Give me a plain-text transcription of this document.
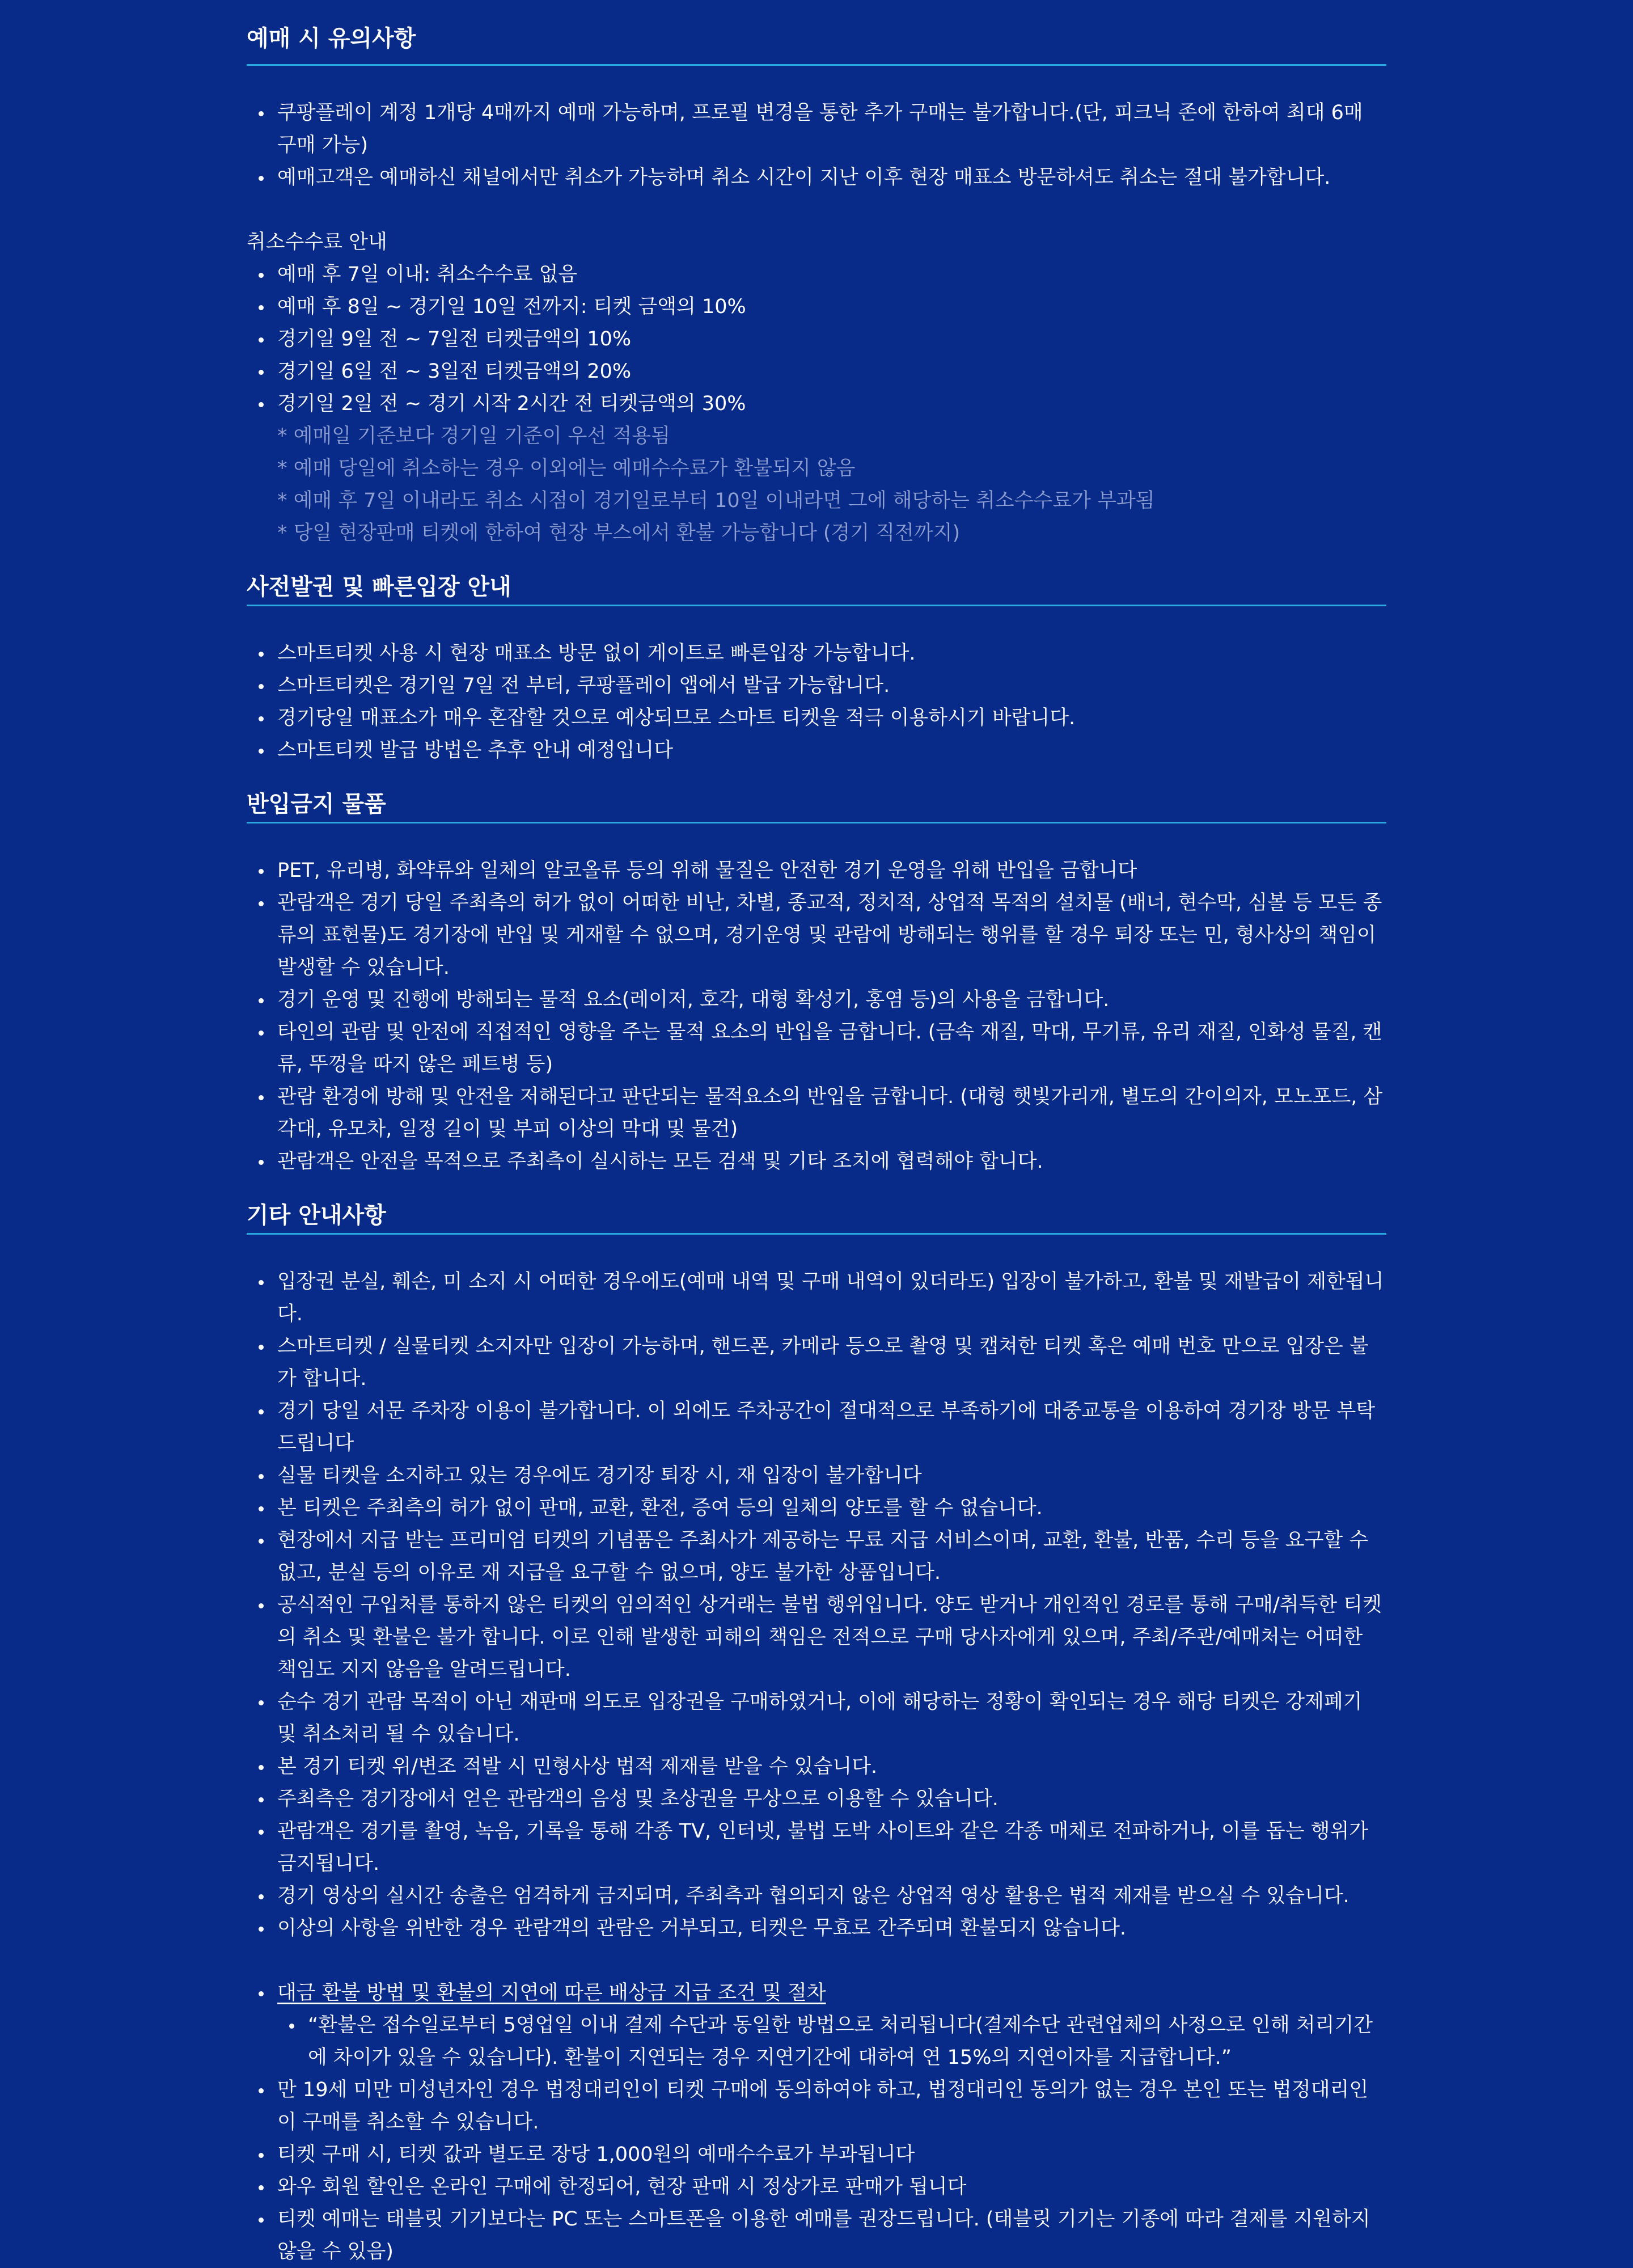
예매 시 유의사항
쿠팡플레이 계정 1개당 4매까지 예매 가능하며, 프로필 변경을 통한 추가 구매는 불가합니다.(단, 피크닉 존에 한하여 최대 6매 구매 가능)
예매고객은 예매하신 채널에서만 취소가 가능하며 취소 시간이 지난 이후 현장 매표소 방문하셔도 취소는 절대 불가합니다.
취소수수료 안내
예매 후 7일 이내: 취소수수료 없음
예매 후 8일 ~ 경기일 10일 전까지: 티켓 금액의 10%
경기일 9일 전 ~ 7일전 티켓금액의 10%
경기일 6일 전 ~ 3일전 티켓금액의 20%
경기일 2일 전 ~ 경기 시작 2시간 전 티켓금액의 30%
* 예매일 기준보다 경기일 기준이 우선 적용됨
* 예매 당일에 취소하는 경우 이외에는 예매수수료가 환불되지 않음
* 예매 후 7일 이내라도 취소 시점이 경기일로부터 10일 이내라면 그에 해당하는 취소수수료가 부과됨
* 당일 현장판매 티켓에 한하여 현장 부스에서 환불 가능합니다 (경기 직전까지)
사전발권 및 빠른입장 안내
스마트티켓 사용 시 현장 매표소 방문 없이 게이트로 빠른입장 가능합니다.
스마트티켓은 경기일 7일 전 부터, 쿠팡플레이 앱에서 발급 가능합니다.
경기당일 매표소가 매우 혼잡할 것으로 예상되므로 스마트 티켓을 적극 이용하시기 바랍니다.
스마트티켓 발급 방법은 추후 안내 예정입니다
반입금지 물품
PET, 유리병, 화약류와 일체의 알코올류 등의 위해 물질은 안전한 경기 운영을 위해 반입을 금합니다
관람객은 경기 당일 주최측의 허가 없이 어떠한 비난, 차별, 종교적, 정치적, 상업적 목적의 설치물 (배너, 현수막, 심볼 등 모든 종류의 표현물)도 경기장에 반입 및 게재할 수 없으며, 경기운영 및 관람에 방해되는 행위를 할 경우 퇴장 또는 민, 형사상의 책임이 발생할 수 있습니다.
경기 운영 및 진행에 방해되는 물적 요소(레이저, 호각, 대형 확성기, 홍염 등)의 사용을 금합니다.
타인의 관람 및 안전에 직접적인 영향을 주는 물적 요소의 반입을 금합니다. (금속 재질, 막대, 무기류, 유리 재질, 인화성 물질, 캔류, 뚜껑을 따지 않은 페트병 등)
관람 환경에 방해 및 안전을 저해된다고 판단되는 물적요소의 반입을 금합니다. (대형 햇빛가리개, 별도의 간이의자, 모노포드, 삼각대, 유모차, 일정 길이 및 부피 이상의 막대 및 물건)
관람객은 안전을 목적으로 주최측이 실시하는 모든 검색 및 기타 조치에 협력해야 합니다.
기타 안내사항
입장권 분실, 훼손, 미 소지 시 어떠한 경우에도(예매 내역 및 구매 내역이 있더라도) 입장이 불가하고, 환불 및 재발급이 제한됩니다.
스마트티켓 / 실물티켓 소지자만 입장이 가능하며, 핸드폰, 카메라 등으로 촬영 및 캡쳐한 티켓 혹은 예매 번호 만으로 입장은 불가 합니다.
경기 당일 서문 주차장 이용이 불가합니다. 이 외에도 주차공간이 절대적으로 부족하기에 대중교통을 이용하여 경기장 방문 부탁드립니다
실물 티켓을 소지하고 있는 경우에도 경기장 퇴장 시, 재 입장이 불가합니다
본 티켓은 주최측의 허가 없이 판매, 교환, 환전, 증여 등의 일체의 양도를 할 수 없습니다.
현장에서 지급 받는 프리미엄 티켓의 기념품은 주최사가 제공하는 무료 지급 서비스이며, 교환, 환불, 반품, 수리 등을 요구할 수 없고, 분실 등의 이유로 재 지급을 요구할 수 없으며, 양도 불가한 상품입니다.
공식적인 구입처를 통하지 않은 티켓의 임의적인 상거래는 불법 행위입니다. 양도 받거나 개인적인 경로를 통해 구매/취득한 티켓의 취소 및 환불은 불가 합니다. 이로 인해 발생한 피해의 책임은 전적으로 구매 당사자에게 있으며, 주최/주관/예매처는 어떠한 책임도 지지 않음을 알려드립니다.
순수 경기 관람 목적이 아닌 재판매 의도로 입장권을 구매하였거나, 이에 해당하는 정황이 확인되는 경우 해당 티켓은 강제폐기 및 취소처리 될 수 있습니다.
본 경기 티켓 위/변조 적발 시 민형사상 법적 제재를 받을 수 있습니다.
주최측은 경기장에서 얻은 관람객의 음성 및 초상권을 무상으로 이용할 수 있습니다.
관람객은 경기를 촬영, 녹음, 기록을 통해 각종 TV, 인터넷, 불법 도박 사이트와 같은 각종 매체로 전파하거나, 이를 돕는 행위가 금지됩니다.
경기 영상의 실시간 송출은 엄격하게 금지되며, 주최측과 협의되지 않은 상업적 영상 활용은 법적 제재를 받으실 수 있습니다.
이상의 사항을 위반한 경우 관람객의 관람은 거부되고, 티켓은 무효로 간주되며 환불되지 않습니다.
대금 환불 방법 및 환불의 지연에 따른 배상금 지급 조건 및 절차
“환불은 접수일로부터 5영업일 이내 결제 수단과 동일한 방법으로 처리됩니다(결제수단 관련업체의 사정으로 인해 처리기간에 차이가 있을 수 있습니다). 환불이 지연되는 경우 지연기간에 대하여 연 15%의 지연이자를 지급합니다.”
만 19세 미만 미성년자인 경우 법정대리인이 티켓 구매에 동의하여야 하고, 법정대리인 동의가 없는 경우 본인 또는 법정대리인이 구매를 취소할 수 있습니다.
티켓 구매 시, 티켓 값과 별도로 장당 1,000원의 예매수수료가 부과됩니다
와우 회원 할인은 온라인 구매에 한정되어, 현장 판매 시 정상가로 판매가 됩니다
티켓 예매는 태블릿 기기보다는 PC 또는 스마트폰을 이용한 예매를 권장드립니다. (태블릿 기기는 기종에 따라 결제를 지원하지 않을 수 있음)
